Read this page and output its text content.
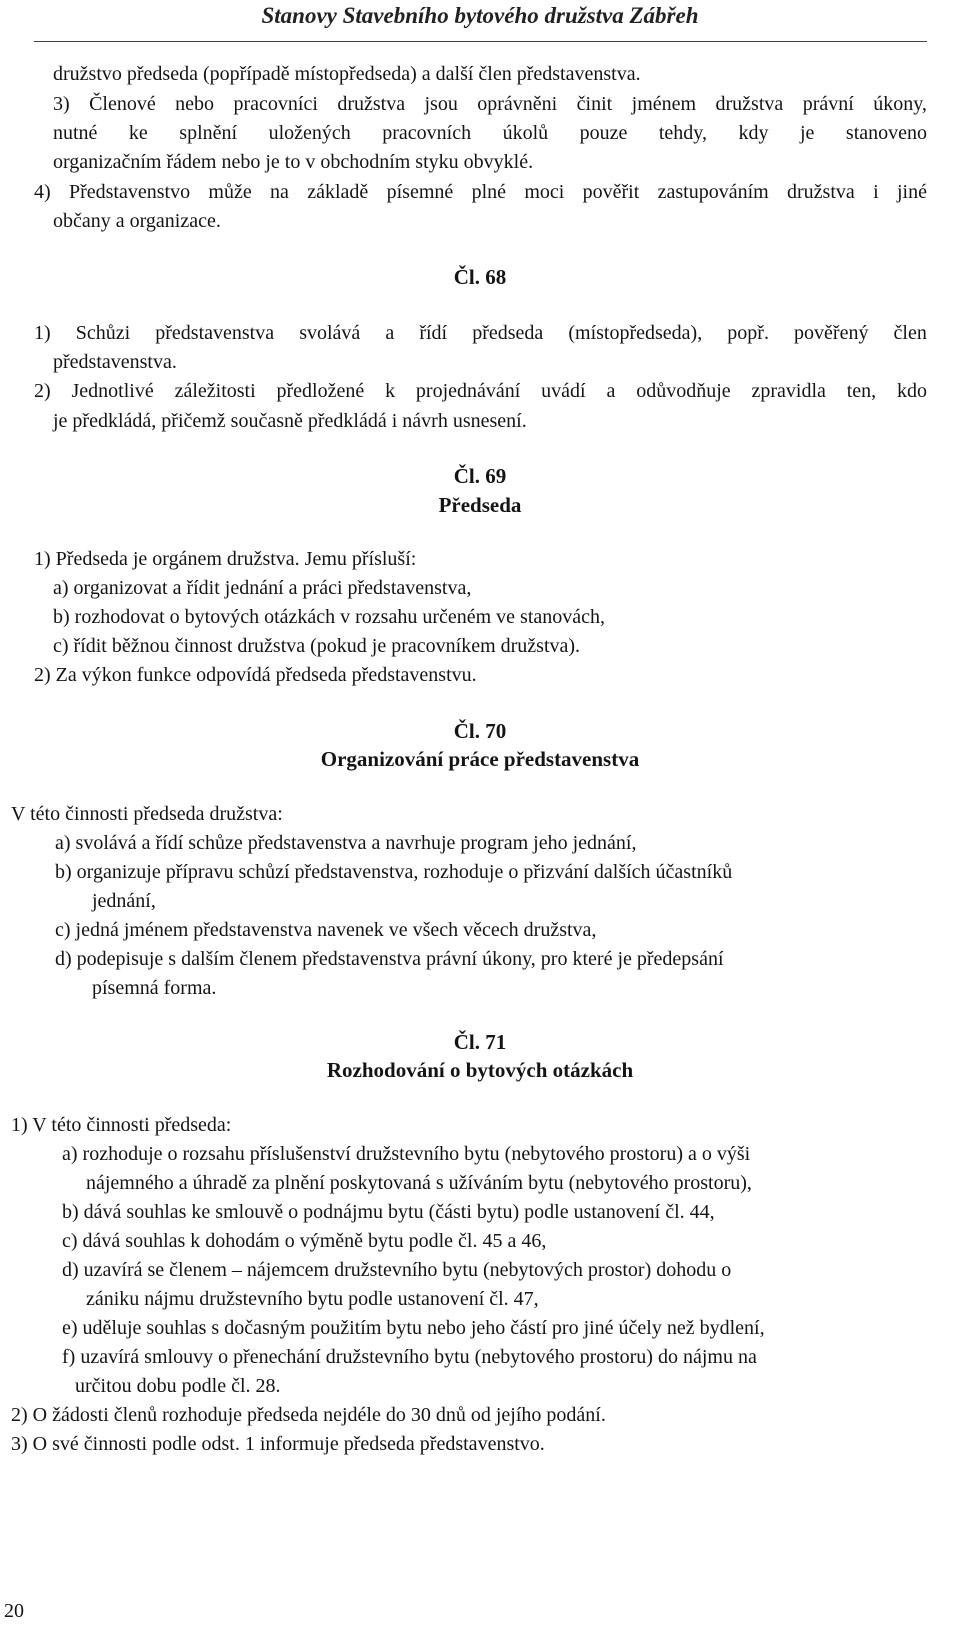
Stanovy Stavebního bytového družstva Zábřeh
družstvo předseda (popřípadě místopředseda) a další člen představenstva.
3) Členové nebo pracovníci družstva jsou oprávněni činit jménem družstva právní úkony,
nutné ke splnění uložených pracovních úkolů pouze tehdy, kdy je stanoveno
organizačním řádem nebo je to v obchodním styku obvyklé.
4) Představenstvo může na základě písemné plné moci pověřit zastupováním družstva i jiné
občany a organizace.
Čl. 68
1) Schůzi představenstva svolává a řídí předseda (místopředseda), popř. pověřený člen
představenstva.
2) Jednotlivé záležitosti předložené k projednávání uvádí a odůvodňuje zpravidla ten, kdo
je předkládá, přičemž současně předkládá i návrh usnesení.
Čl. 69
Předseda
1) Předseda je orgánem družstva. Jemu přísluší:
a) organizovat a řídit jednání a práci představenstva,
b) rozhodovat o bytových otázkách v rozsahu určeném ve stanovách,
c) řídit běžnou činnost družstva (pokud je pracovníkem družstva).
2) Za výkon funkce odpovídá předseda představenstvu.
Čl. 70
Organizování práce představenstva
V této činnosti předseda družstva:
a) svolává a řídí schůze představenstva a navrhuje program jeho jednání,
b) organizuje přípravu schůzí představenstva, rozhoduje o přizvání dalších účastníků
jednání,
c) jedná jménem představenstva navenek ve všech věcech družstva,
d) podepisuje s dalším členem představenstva právní úkony, pro které je předepsání
písemná forma.
Čl. 71
Rozhodování o bytových otázkách
1) V této činnosti předseda:
a) rozhoduje o rozsahu příslušenství družstevního bytu (nebytového prostoru) a o výši
nájemného a úhradě za plnění poskytovaná s užíváním bytu (nebytového prostoru),
b) dává souhlas ke smlouvě o podnájmu bytu (části bytu) podle ustanovení čl. 44,
c) dává souhlas k dohodám o výměně bytu podle čl. 45 a 46,
d) uzavírá se členem – nájemcem družstevního bytu (nebytových prostor) dohodu o
zániku nájmu družstevního bytu podle ustanovení čl. 47,
e) uděluje souhlas s dočasným použitím bytu nebo jeho částí pro jiné účely než bydlení,
f) uzavírá smlouvy o přenechání družstevního bytu (nebytového prostoru) do nájmu na
určitou dobu podle čl. 28.
2) O žádosti členů rozhoduje předseda nejdéle do 30 dnů od jejího podání.
3) O své činnosti podle odst. 1 informuje předseda představenstvo.
20
